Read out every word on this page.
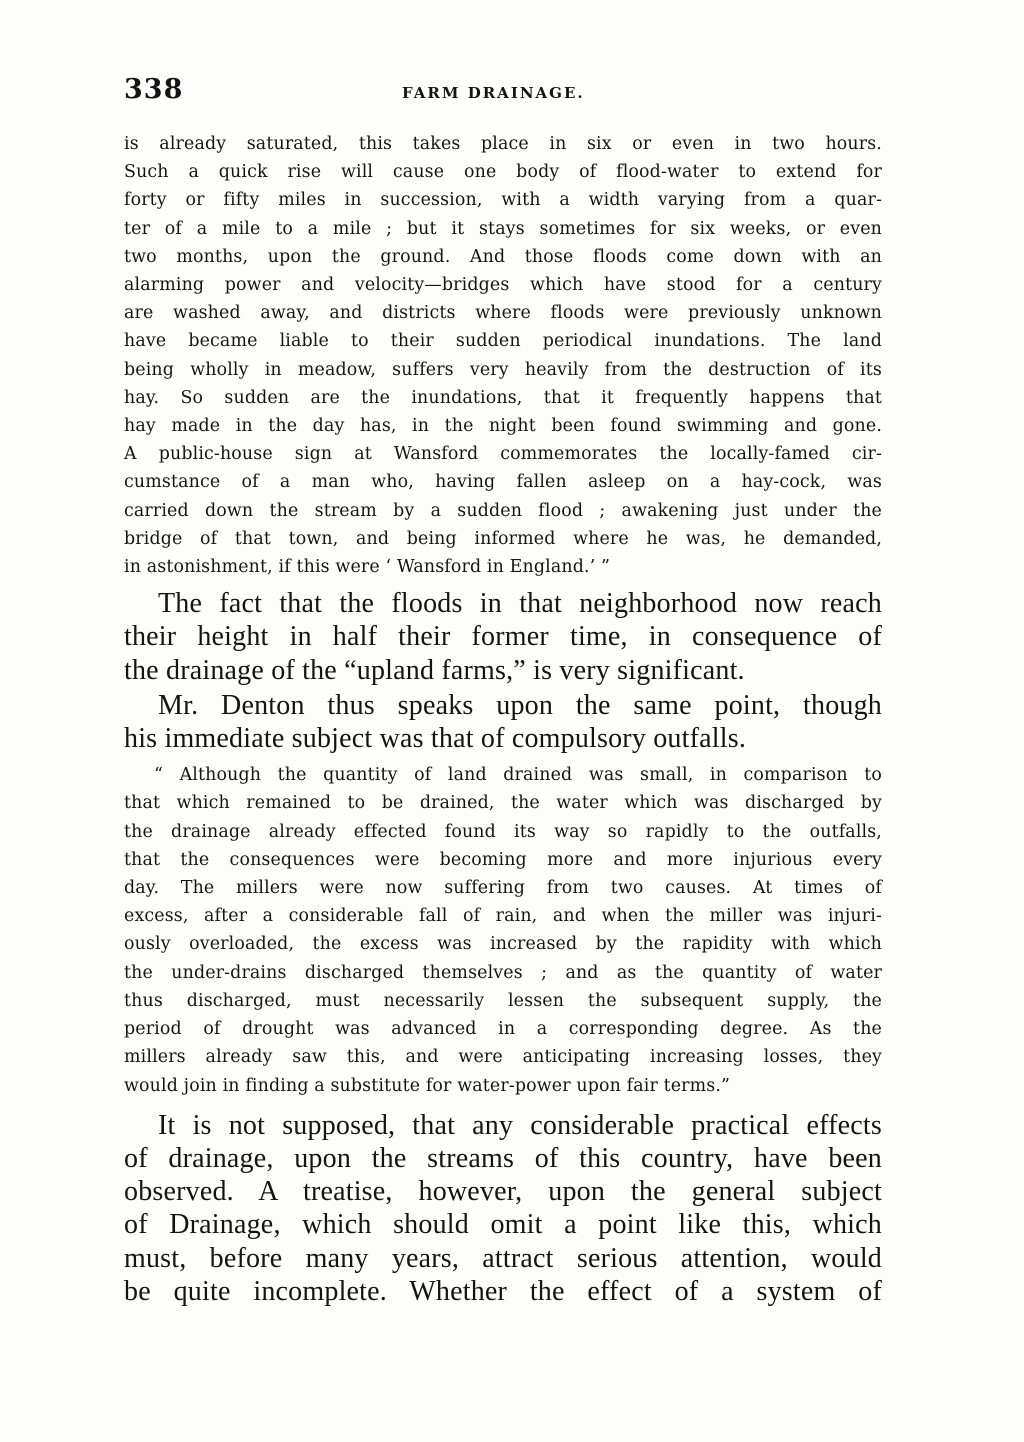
338	FARM DRAINAGE.
is already saturated, this takes place in six or even in two hours.
Such a quick rise will cause one body of flood-water to extend for
forty or fifty miles in succession, with a width varying from a quar-
ter of a mile to a mile ; but it stays sometimes for six weeks, or even
two months, upon the ground. And those floods come down with an
alarming power and velocity—bridges which have stood for a century
are washed away, and districts where floods were previously unknown
have became liable to their sudden periodical inundations. The land
being wholly in meadow, suffers very heavily from the destruction of its
hay. So sudden are the inundations, that it frequently happens that
hay made in the day has, in the night been found swimming and gone.
A public-house sign at Wansford commemorates the locally-famed cir-
cumstance of a man who, having fallen asleep on a hay-cock, was
carried down the stream by a sudden flood ; awakening just under the
bridge of that town, and being informed where he was, he demanded,
in astonishment, if this were ‘ Wansford in England.’ ”
The fact that the floods in that neighborhood now reach
their height in half their former time, in consequence of
the drainage of the “upland farms,” is very significant.
Mr. Denton thus speaks upon the same point, though
his immediate subject was that of compulsory outfalls.
“ Although the quantity of land drained was small, in comparison to
that which remained to be drained, the water which was discharged by
the drainage already effected found its way so rapidly to the outfalls,
that the consequences were becoming more and more injurious every
day. The millers were now suffering from two causes. At times of
excess, after a considerable fall of rain, and when the miller was injuri-
ously overloaded, the excess was increased by the rapidity with which
the under-drains discharged themselves ; and as the quantity of water
thus discharged, must necessarily lessen the subsequent supply, the
period of drought was advanced in a corresponding degree. As the
millers already saw this, and were anticipating increasing losses, they
would join in finding a substitute for water-power upon fair terms.”
It is not supposed, that any considerable practical effects
of drainage, upon the streams of this country, have been
observed. A treatise, however, upon the general subject
of Drainage, which should omit a point like this, which
must, before many years, attract serious attention, would
be quite incomplete. Whether the effect of a system of
